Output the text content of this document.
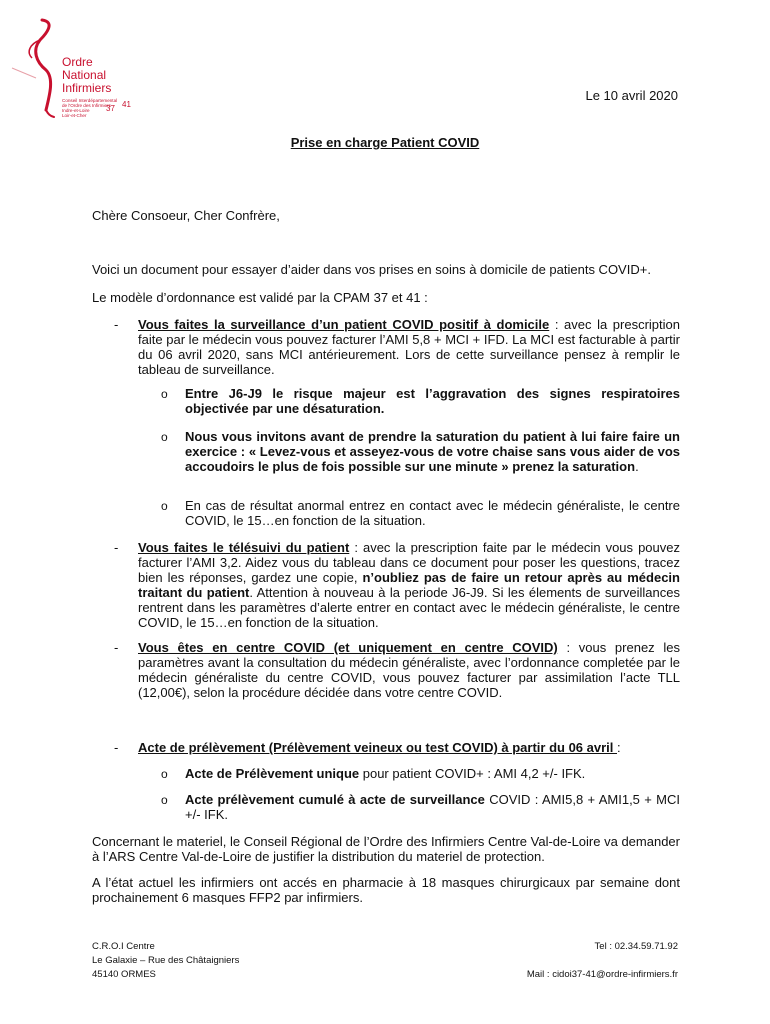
Ordre
National
Infirmiers
Conseil Interdépartemental
de l'Ordre des Infirmiers
Indre-et-Loire
Loir-et-Cher
37 41
Le 10 avril 2020
Prise en charge Patient COVID
Chère Consoeur, Cher Confrère,
Voici un document pour essayer d’aider dans vos prises en soins à domicile de patients COVID+.
Le modèle d’ordonnance est validé par la CPAM 37 et 41 :
- Vous faites la surveillance d’un patient COVID positif à domicile : avec la prescription faite par le médecin vous pouvez facturer l’AMI 5,8 + MCI + IFD. La MCI est facturable à partir du 06 avril 2020, sans MCI antérieurement. Lors de cette surveillance pensez à remplir le tableau de surveillance.
o Entre J6-J9 le risque majeur est l’aggravation des signes respiratoires objectivée par une désaturation.
o Nous vous invitons avant de prendre la saturation du patient à lui faire faire un exercice : « Levez-vous et asseyez-vous de votre chaise sans vous aider de vos accoudoirs le plus de fois possible sur une minute » prenez la saturation.
o En cas de résultat anormal entrez en contact avec le médecin généraliste, le centre COVID, le 15…en fonction de la situation.
- Vous faites le télésuivi du patient : avec la prescription faite par le médecin vous pouvez facturer l’AMI 3,2. Aidez vous du tableau dans ce document pour poser les questions, tracez bien les réponses, gardez une copie, n’oubliez pas de faire un retour après au médecin traitant du patient. Attention à nouveau à la periode J6-J9. Si les élements de surveillances rentrent dans les paramètres d’alerte entrer en contact avec le médecin généraliste, le centre COVID, le 15…en fonction de la situation.
- Vous êtes en centre COVID (et uniquement en centre COVID) : vous prenez les paramètres avant la consultation du médecin généraliste, avec l’ordonnance completée par le médecin généraliste du centre COVID, vous pouvez facturer par assimilation l’acte TLL (12,00€), selon la procédure décidée dans votre centre COVID.
- Acte de prélèvement (Prélèvement veineux ou test COVID) à partir du 06 avril :
o Acte de Prélèvement unique pour patient COVID+ : AMI 4,2 +/- IFK.
o Acte prélèvement cumulé à acte de surveillance COVID : AMI5,8 + AMI1,5 + MCI +/- IFK.
Concernant le materiel, le Conseil Régional de l’Ordre des Infirmiers Centre Val-de-Loire va demander à l’ARS Centre Val-de-Loire de justifier la distribution du materiel de protection.
A l’état actuel les infirmiers ont accés en pharmacie à 18 masques chirurgicaux par semaine dont prochainement 6 masques FFP2 par infirmiers.
C.R.O.I Centre
Le Galaxie – Rue des Châtaigniers
45140 ORMES
Tel : 02.34.59.71.92
Mail : cidoi37-41@ordre-infirmiers.fr
